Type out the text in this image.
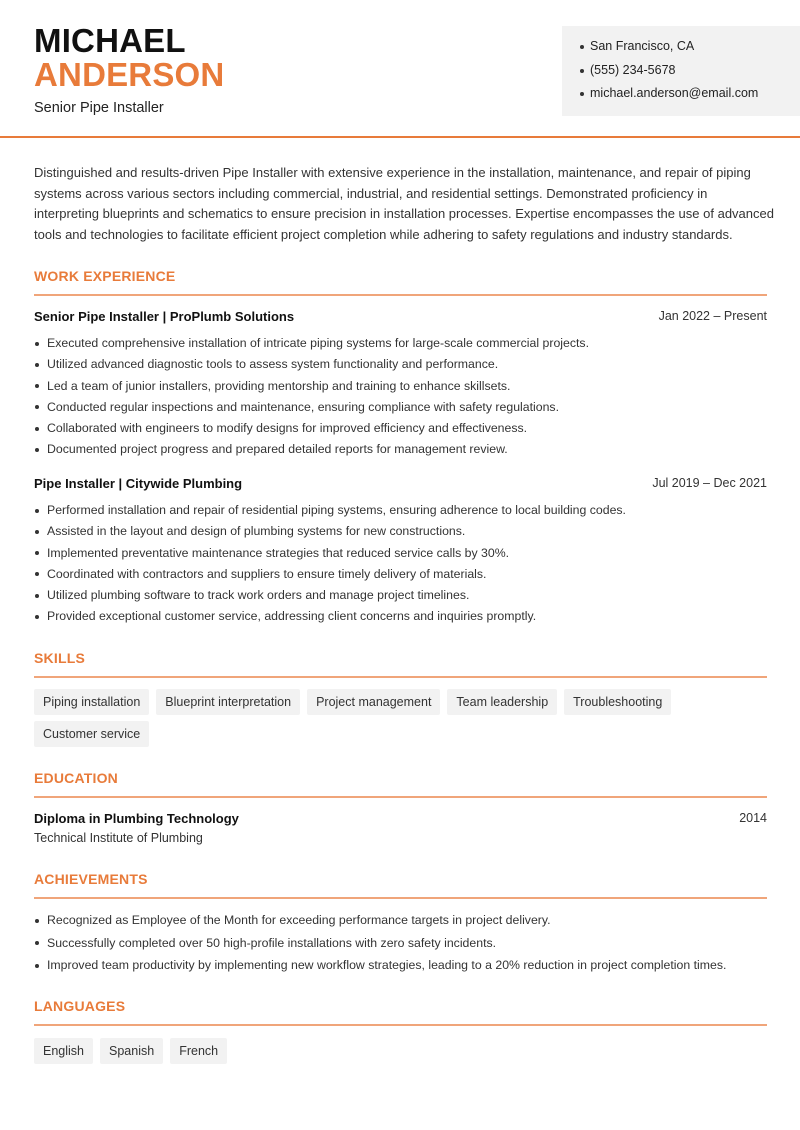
MICHAEL
ANDERSON
Senior Pipe Installer
San Francisco, CA
(555) 234-5678
michael.anderson@email.com

Distinguished and results-driven Pipe Installer with extensive experience in the installation, maintenance, and repair of piping systems across various sectors including commercial, industrial, and residential settings. Demonstrated proficiency in interpreting blueprints and schematics to ensure precision in installation processes. Expertise encompasses the use of advanced tools and technologies to facilitate efficient project completion while adhering to safety regulations and industry standards.

WORK EXPERIENCE
Senior Pipe Installer | ProPlumb Solutions	Jan 2022 – Present
Executed comprehensive installation of intricate piping systems for large-scale commercial projects.
Utilized advanced diagnostic tools to assess system functionality and performance.
Led a team of junior installers, providing mentorship and training to enhance skillsets.
Conducted regular inspections and maintenance, ensuring compliance with safety regulations.
Collaborated with engineers to modify designs for improved efficiency and effectiveness.
Documented project progress and prepared detailed reports for management review.
Pipe Installer | Citywide Plumbing	Jul 2019 – Dec 2021
Performed installation and repair of residential piping systems, ensuring adherence to local building codes.
Assisted in the layout and design of plumbing systems for new constructions.
Implemented preventative maintenance strategies that reduced service calls by 30%.
Coordinated with contractors and suppliers to ensure timely delivery of materials.
Utilized plumbing software to track work orders and manage project timelines.
Provided exceptional customer service, addressing client concerns and inquiries promptly.
SKILLS
Piping installation	Blueprint interpretation	Project management	Team leadership	Troubleshooting
Customer service
EDUCATION
Diploma in Plumbing Technology	2014
Technical Institute of Plumbing
ACHIEVEMENTS
Recognized as Employee of the Month for exceeding performance targets in project delivery.
Successfully completed over 50 high-profile installations with zero safety incidents.
Improved team productivity by implementing new workflow strategies, leading to a 20% reduction in project completion times.
LANGUAGES
English	Spanish	French
